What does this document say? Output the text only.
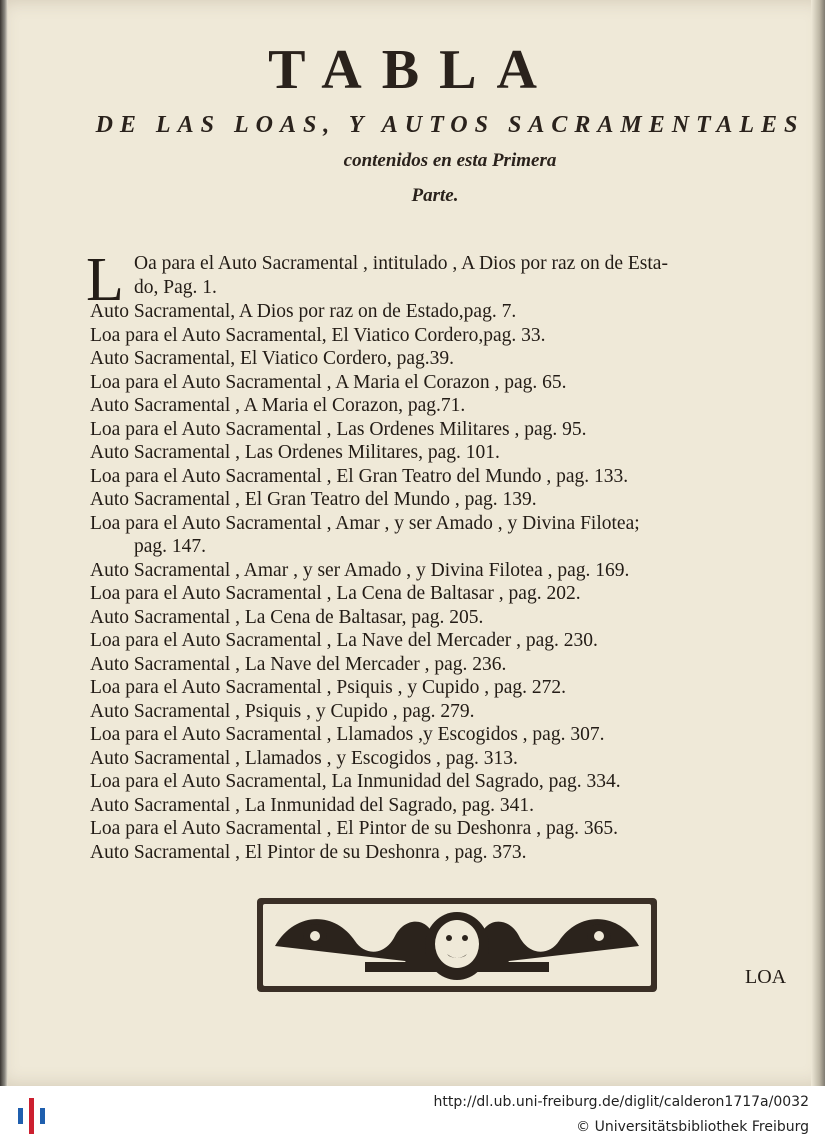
TABLA

DE LAS LOAS, Y AUTOS SACRAMENTALES

contenidos en esta Primera

Parte.

L Oa para el Auto Sacramental , intitulado , A Dios por raz on de Esta-
do, Pag. 1.
Auto Sacramental, A Dios por raz on de Estado,pag. 7.
Loa para el Auto Sacramental, El Viatico Cordero,pag. 33.
Auto Sacramental, El Viatico Cordero, pag.39.
Loa para el Auto Sacramental , A Maria el Corazon , pag. 65.
Auto Sacramental , A Maria el Corazon, pag.71.
Loa para el Auto Sacramental , Las Ordenes Militares , pag. 95.
Auto Sacramental , Las Ordenes Militares, pag. 101.
Loa para el Auto Sacramental , El Gran Teatro del Mundo , pag. 133.
Auto Sacramental , El Gran Teatro del Mundo , pag. 139.
Loa para el Auto Sacramental , Amar , y ser Amado , y Divina Filotea;
pag. 147.
Auto Sacramental , Amar , y ser Amado , y Divina Filotea , pag. 169.
Loa para el Auto Sacramental , La Cena de Baltasar , pag. 202.
Auto Sacramental , La Cena de Baltasar, pag. 205.
Loa para el Auto Sacramental , La Nave del Mercader , pag. 230.
Auto Sacramental , La Nave del Mercader , pag. 236.
Loa para el Auto Sacramental , Psiquis , y Cupido , pag. 272.
Auto Sacramental , Psiquis , y Cupido , pag. 279.
Loa para el Auto Sacramental , Llamados ,y Escogidos , pag. 307.
Auto Sacramental , Llamados , y Escogidos , pag. 313.
Loa para el Auto Sacramental, La Inmunidad del Sagrado, pag. 334.
Auto Sacramental , La Inmunidad del Sagrado, pag. 341.
Loa para el Auto Sacramental , El Pintor de su Deshonra , pag. 365.
Auto Sacramental , El Pintor de su Deshonra , pag. 373.
LOA
http://dl.ub.uni-freiburg.de/diglit/calderon1717a/0032
© Universitätsbibliothek Freiburg
